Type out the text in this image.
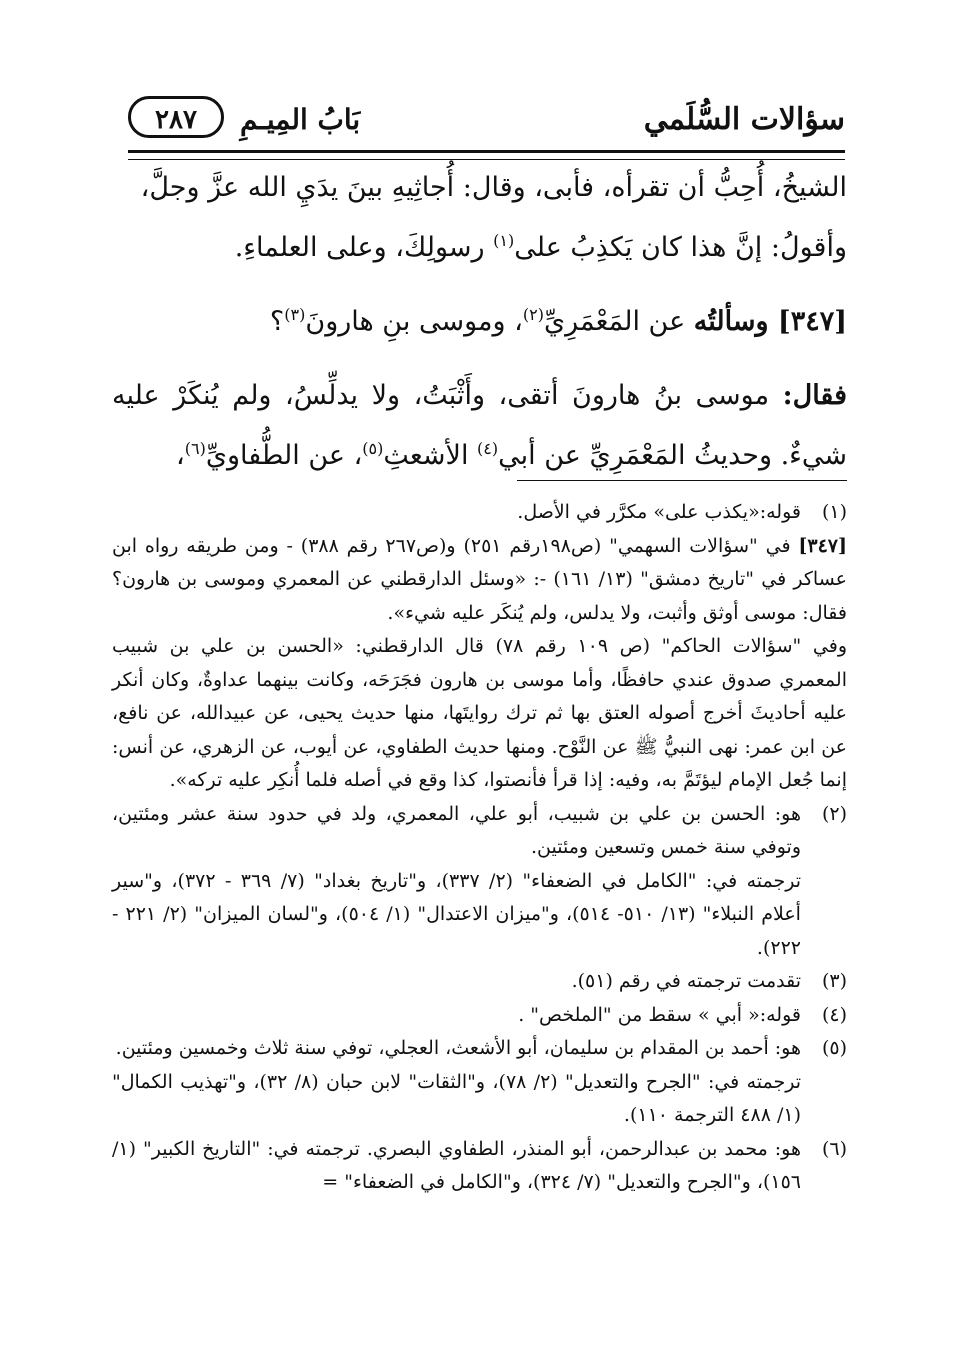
سؤالات السُّلَمي
بَابُ المِيـمِ
٢٨٧

الشيخُ، أُحِبُّ أن تقرأه، فأبى، وقال: أُجاثِيهِ بينَ يدَيِ الله عزَّ وجلَّ،
وأقولُ: إنَّ هذا كان يَكذِبُ على$^{(١)}$ رسولِكَ، وعلى العلماءِ.

[٣٤٧] وسألتُه عن المَعْمَرِيِّ$^{(٢)}$، وموسى بنِ هارونَ$^{(٣)}$؟

فقال: موسى بنُ هارونَ أتقى، وأَثْبَتُ، ولا يدلِّسُ، ولم يُنكَرْ عليه شيءٌ. وحديثُ المَعْمَرِيِّ عن أبي$^{(٤)}$ الأشعثِ$^{(٥)}$، عن الطُّفاويِّ$^{(٦)}$،

(١)
قوله:«يكذب على» مكرَّر في الأصل.
[٣٤٧] في "سؤالات السهمي" (ص١٩٨رقم ٢٥١) و(ص٢٦٧ رقم ٣٨٨) - ومن طريقه رواه ابن عساكر في "تاريخ دمشق" (١٣/ ١٦١) -: «وسئل الدارقطني عن المعمري وموسى بن هارون؟ فقال: موسى أوثق وأثبت، ولا يدلس، ولم يُنكَر عليه شيء».
وفي "سؤالات الحاكم" (ص ١٠٩ رقم ٧٨) قال الدارقطني: «الحسن بن علي بن شبيب المعمري صدوق عندي حافظًا، وأما موسى بن هارون فجَرَحَه، وكانت بينهما عداوةٌ، وكان أنكر عليه أحاديثَ أخرج أصوله العتق بها ثم ترك روايتَها، منها حديث يحيى، عن عبيدالله، عن نافع، عن ابن عمر: نهى النبيُّ ﷺ عن النَّوْح. ومنها حديث الطفاوي، عن أيوب، عن الزهري، عن أنس: إنما جُعل الإمام ليؤتَمَّ به، وفيه: إذا قرأ فأنصتوا، كذا وقع في أصله فلما أُنكِر عليه تركه».
(٢)
هو: الحسن بن علي بن شبيب، أبو علي، المعمري، ولد في حدود سنة عشر ومئتين، وتوفي سنة خمس وتسعين ومئتين.
ترجمته في: "الكامل في الضعفاء" (٢/ ٣٣٧)، و"تاريخ بغداد" (٧/ ٣٦٩ - ٣٧٢)، و"سير أعلام النبلاء" (١٣/ ٥١٠- ٥١٤)، و"ميزان الاعتدال" (١/ ٥٠٤)، و"لسان الميزان" (٢/ ٢٢١ - ٢٢٢).
(٣)
تقدمت ترجمته في رقم (٥١).
(٤)
قوله:« أبي » سقط من "الملخص" .
(٥)
هو: أحمد بن المقدام بن سليمان، أبو الأشعث، العجلي، توفي سنة ثلاث وخمسين ومئتين.
ترجمته في: "الجرح والتعديل" (٢/ ٧٨)، و"الثقات" لابن حبان (٨/ ٣٢)، و"تهذيب الكمال" (١/ ٤٨٨ الترجمة ١١٠).
(٦)
هو: محمد بن عبدالرحمن، أبو المنذر، الطفاوي البصري. ترجمته في: "التاريخ الكبير" (١/ ١٥٦)، و"الجرح والتعديل" (٧/ ٣٢٤)، و"الكامل في الضعفاء" =
